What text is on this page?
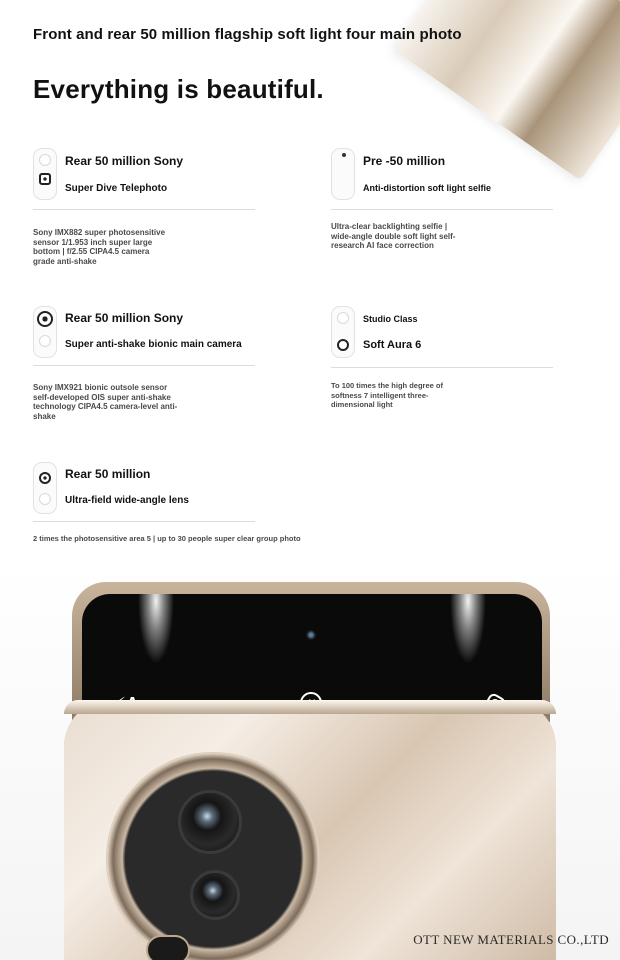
Front and rear 50 million flagship soft light four main photo
Everything is beautiful.
Rear 50 million Sony
Super Dive Telephoto
Sony IMX882 super photosensitive
sensor 1/1.953 inch super large
bottom | f/2.55 CIPA4.5 camera
grade anti-shake
Pre -50 million
Anti-distortion soft light selfie
Ultra-clear backlighting selfie |
wide-angle double soft light self-
research AI face correction
Rear 50 million Sony
Super anti-shake bionic main camera
Sony IMX921 bionic outsole sensor
self-developed OIS super anti-shake
technology CIPA4.5 camera-level anti-
shake
Studio Class
Soft Aura 6
To 100 times the high degree of
softness 7 intelligent three-
dimensional light
Rear 50 million
Ultra-field wide-angle lens
2 times the photosensitive area 5 | up to 30 people super clear group photo
OTT NEW MATERIALS CO.,LTD
